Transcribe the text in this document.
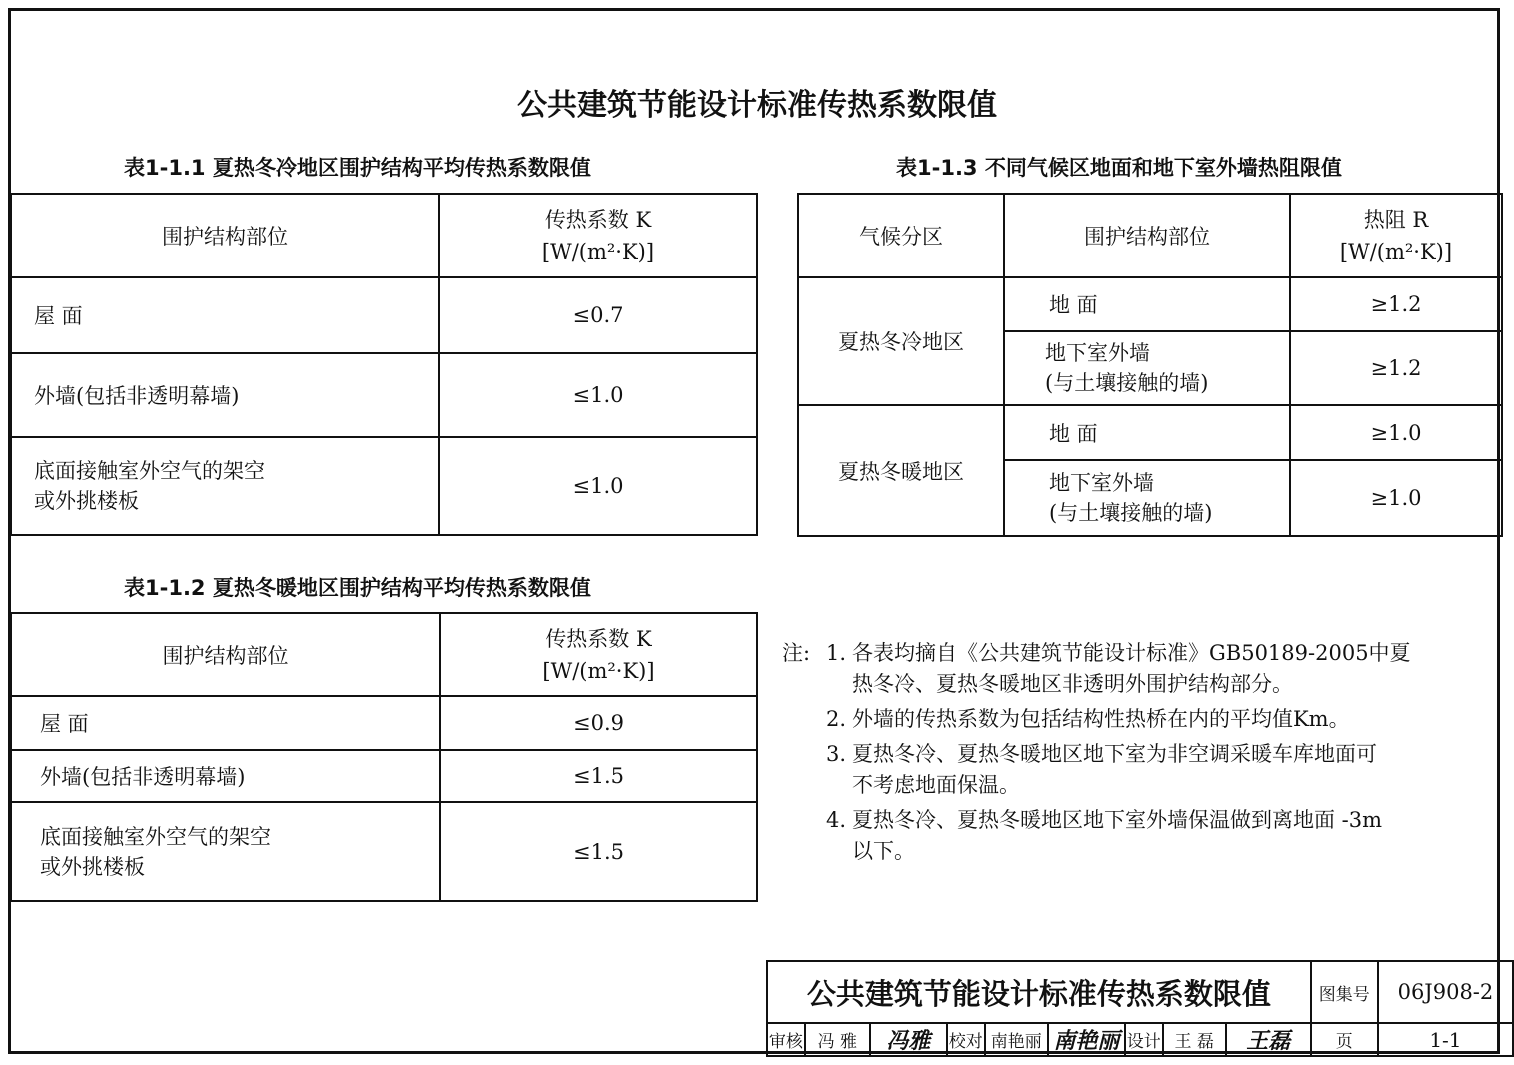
公共建筑节能设计标准传热系数限值
表1-1.1 夏热冬冷地区围护结构平均传热系数限值
围护结构部位	传热系数 K
[W/(m²·K)]

屋 面	≤0.7
外墙(包括非透明幕墙)	≤1.0

底面接触室外空气的架空
或外挑楼板	≤1.0
表1-1.3 不同气候区地面和地下室外墙热阻限值
气候分区	围护结构部位	热阻 R
[W/(m²·K)]

夏热冬冷地区	地 面	≥1.2

	地下室外墙
(与土壤接触的墙)	≥1.2
夏热冬暖地区	地 面	≥1.0

	地下室外墙
(与土壤接触的墙)	≥1.0
表1-1.2 夏热冬暖地区围护结构平均传热系数限值
围护结构部位	传热系数 K
[W/(m²·K)]

屋 面	≤0.9
外墙(包括非透明幕墙)	≤1.5

底面接触室外空气的架空
或外挑楼板	≤1.5
注: 1. 各表均摘自《公共建筑节能设计标准》GB50189-2005中夏
热冬冷、夏热冬暖地区非透明外围护结构部分。
2. 外墙的传热系数为包括结构性热桥在内的平均值Km。
3. 夏热冬冷、夏热冬暖地区地下室为非空调采暖车库地面可
不考虑地面保温。
4. 夏热冬冷、夏热冬暖地区地下室外墙保温做到离地面 -3m
以下。
公共建筑节能设计标准传热系数限值									图集号	06J908-2
审核	冯 雅	冯雅	校对	南艳丽	南艳丽	设计	王 磊	王磊	页	1-1
